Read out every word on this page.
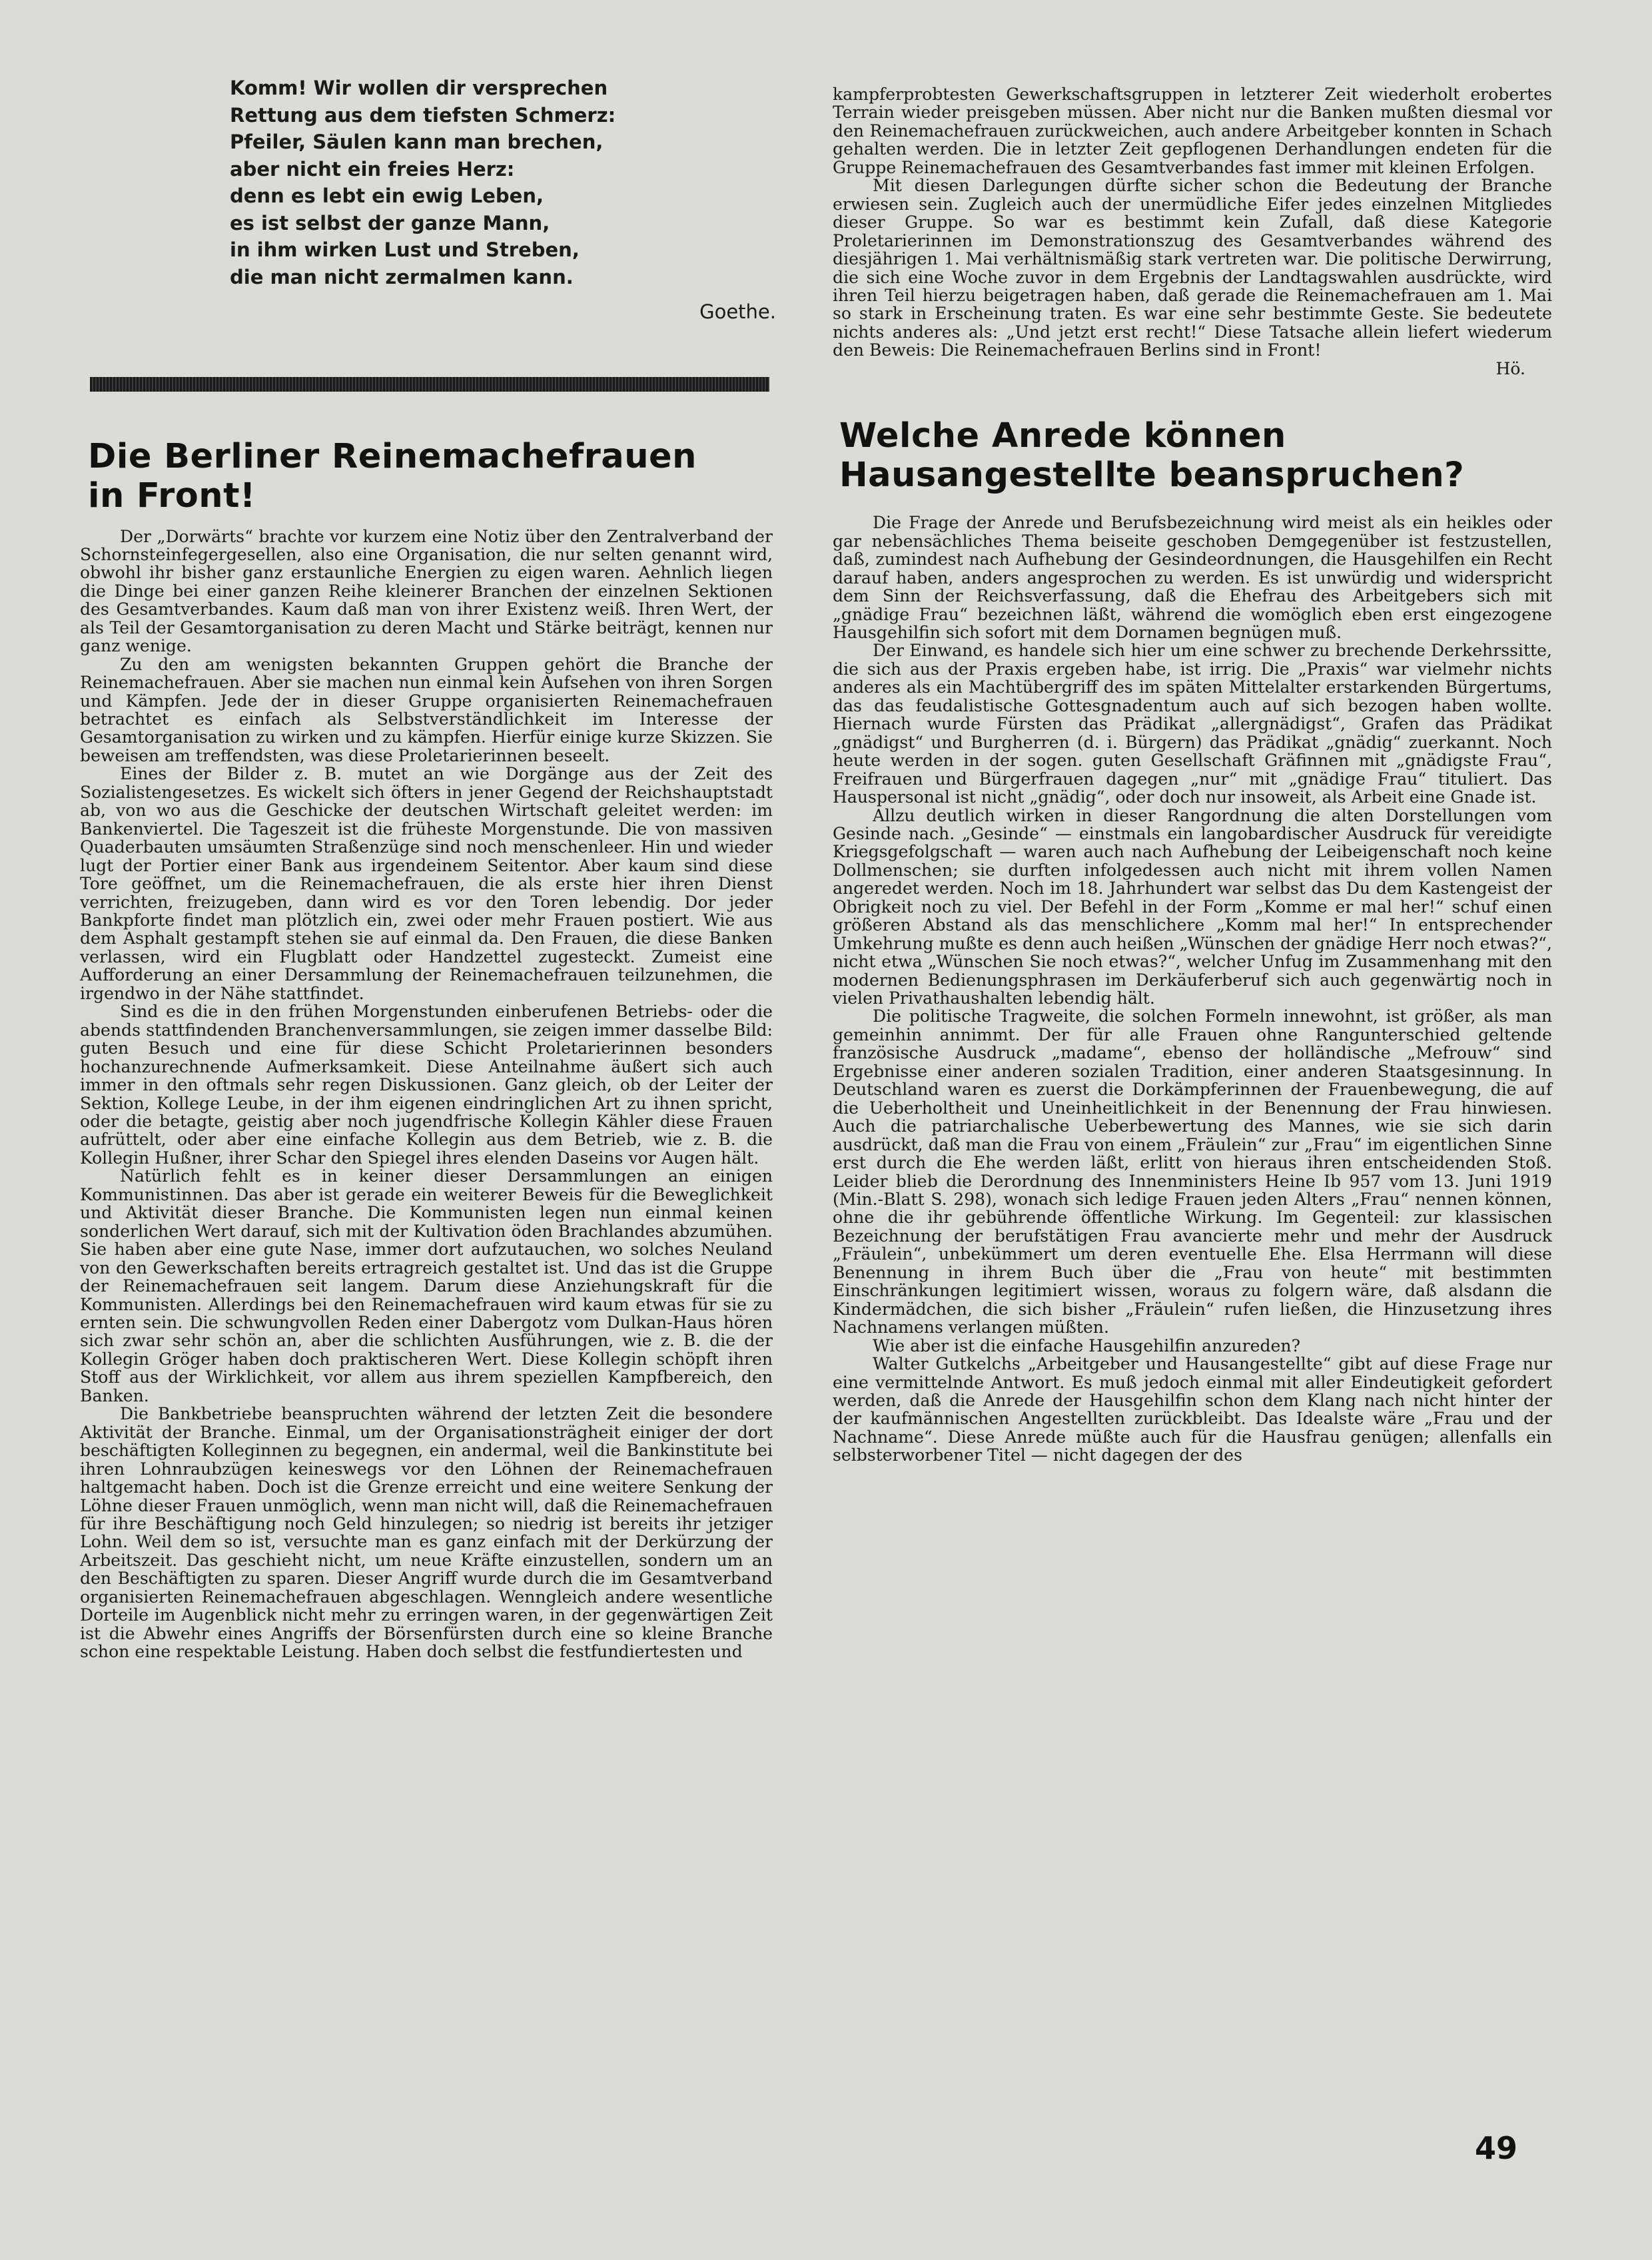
Komm! Wir wollen dir versprechen
Rettung aus dem tiefsten Schmerz:
Pfeiler, Säulen kann man brechen,
aber nicht ein freies Herz:
denn es lebt ein ewig Leben,
es ist selbst der ganze Mann,
in ihm wirken Lust und Streben,
die man nicht zermalmen kann.
Goethe.
Die Berliner Reinemachefrauen
in Front!

Der „Dorwärts“ brachte vor kurzem eine Notiz über den Zentralverband der Schornsteinfegergesellen, also eine Organisation, die nur selten genannt wird, obwohl ihr bisher ganz erstaunliche Energien zu eigen waren. Aehnlich liegen die Dinge bei einer ganzen Reihe kleinerer Branchen der einzelnen Sektionen des Gesamtverbandes. Kaum daß man von ihrer Existenz weiß. Ihren Wert, der als Teil der Gesamtorganisation zu deren Macht und Stärke beiträgt, kennen nur ganz wenige.

Zu den am wenigsten bekannten Gruppen gehört die Branche der Reinemachefrauen. Aber sie machen nun einmal kein Aufsehen von ihren Sorgen und Kämpfen. Jede der in dieser Gruppe organisierten Reinemachefrauen betrachtet es einfach als Selbstverständlichkeit im Interesse der Gesamtorganisation zu wirken und zu kämpfen. Hierfür einige kurze Skizzen. Sie beweisen am treffendsten, was diese Proletarierinnen beseelt.

Eines der Bilder z. B. mutet an wie Dorgänge aus der Zeit des Sozialistengesetzes. Es wickelt sich öfters in jener Gegend der Reichshauptstadt ab, von wo aus die Geschicke der deutschen Wirtschaft geleitet werden: im Bankenviertel. Die Tageszeit ist die früheste Morgenstunde. Die von massiven Quaderbauten umsäumten Straßenzüge sind noch menschenleer. Hin und wieder lugt der Portier einer Bank aus irgendeinem Seitentor. Aber kaum sind diese Tore geöffnet, um die Reinemachefrauen, die als erste hier ihren Dienst verrichten, freizugeben, dann wird es vor den Toren lebendig. Dor jeder Bankpforte findet man plötzlich ein, zwei oder mehr Frauen postiert. Wie aus dem Asphalt gestampft stehen sie auf einmal da. Den Frauen, die diese Banken verlassen, wird ein Flugblatt oder Handzettel zugesteckt. Zumeist eine Aufforderung an einer Dersammlung der Reinemachefrauen teilzunehmen, die irgendwo in der Nähe stattfindet.

Sind es die in den frühen Morgenstunden einberufenen Betriebs- oder die abends stattfindenden Branchenversammlungen, sie zeigen immer dasselbe Bild: guten Besuch und eine für diese Schicht Proletarierinnen besonders hochanzurechnende Aufmerksamkeit. Diese Anteilnahme äußert sich auch immer in den oftmals sehr regen Diskussionen. Ganz gleich, ob der Leiter der Sektion, Kollege Leube, in der ihm eigenen eindringlichen Art zu ihnen spricht, oder die betagte, geistig aber noch jugendfrische Kollegin Kähler diese Frauen aufrüttelt, oder aber eine einfache Kollegin aus dem Betrieb, wie z. B. die Kollegin Hußner, ihrer Schar den Spiegel ihres elenden Daseins vor Augen hält.

Natürlich fehlt es in keiner dieser Dersammlungen an einigen Kommunistinnen. Das aber ist gerade ein weiterer Beweis für die Beweglichkeit und Aktivität dieser Branche. Die Kommunisten legen nun einmal keinen sonderlichen Wert darauf, sich mit der Kultivation öden Brachlandes abzumühen. Sie haben aber eine gute Nase, immer dort aufzutauchen, wo solches Neuland von den Gewerkschaften bereits ertragreich gestaltet ist. Und das ist die Gruppe der Reinemachefrauen seit langem. Darum diese Anziehungskraft für die Kommunisten. Allerdings bei den Reinemachefrauen wird kaum etwas für sie zu ernten sein. Die schwungvollen Reden einer Dabergotz vom Dulkan-Haus hören sich zwar sehr schön an, aber die schlichten Ausführungen, wie z. B. die der Kollegin Gröger haben doch praktischeren Wert. Diese Kollegin schöpft ihren Stoff aus der Wirklichkeit, vor allem aus ihrem speziellen Kampfbereich, den Banken.

Die Bankbetriebe beanspruchten während der letzten Zeit die besondere Aktivität der Branche. Einmal, um der Organisationsträgheit einiger der dort beschäftigten Kolleginnen zu begegnen, ein andermal, weil die Bankinstitute bei ihren Lohnraubzügen keineswegs vor den Löhnen der Reinemachefrauen haltgemacht haben. Doch ist die Grenze erreicht und eine weitere Senkung der Löhne dieser Frauen unmöglich, wenn man nicht will, daß die Reinemachefrauen für ihre Beschäftigung noch Geld hinzulegen; so niedrig ist bereits ihr jetziger Lohn. Weil dem so ist, versuchte man es ganz einfach mit der Derkürzung der Arbeitszeit. Das geschieht nicht, um neue Kräfte einzustellen, sondern um an den Beschäftigten zu sparen. Dieser Angriff wurde durch die im Gesamtverband organisierten Reinemachefrauen abgeschlagen. Wenngleich andere wesentliche Dorteile im Augenblick nicht mehr zu erringen waren, in der gegenwärtigen Zeit ist die Abwehr eines Angriffs der Börsenfürsten durch eine so kleine Branche schon eine respektable Leistung. Haben doch selbst die festfundiertesten und

kampferprobtesten Gewerkschaftsgruppen in letzterer Zeit wiederholt erobertes Terrain wieder preisgeben müssen. Aber nicht nur die Banken mußten diesmal vor den Reinemachefrauen zurückweichen, auch andere Arbeitgeber konnten in Schach gehalten werden. Die in letzter Zeit gepflogenen Derhandlungen endeten für die Gruppe Reinemachefrauen des Gesamtverbandes fast immer mit kleinen Erfolgen.

Mit diesen Darlegungen dürfte sicher schon die Bedeutung der Branche erwiesen sein. Zugleich auch der unermüdliche Eifer jedes einzelnen Mitgliedes dieser Gruppe. So war es bestimmt kein Zufall, daß diese Kategorie Proletarierinnen im Demonstrationszug des Gesamtverbandes während des diesjährigen 1. Mai verhältnismäßig stark vertreten war. Die politische Derwirrung, die sich eine Woche zuvor in dem Ergebnis der Landtagswahlen ausdrückte, wird ihren Teil hierzu beigetragen haben, daß gerade die Reinemachefrauen am 1. Mai so stark in Erscheinung traten. Es war eine sehr bestimmte Geste. Sie bedeutete nichts anderes als: „Und jetzt erst recht!“ Diese Tatsache allein liefert wiederum den Beweis: Die Reinemachefrauen Berlins sind in Front!

Hö.
Welche Anrede können
Hausangestellte beanspruchen?

Die Frage der Anrede und Berufsbezeichnung wird meist als ein heikles oder gar nebensächliches Thema beiseite geschoben Demgegenüber ist festzustellen, daß, zumindest nach Aufhebung der Gesindeordnungen, die Hausgehilfen ein Recht darauf haben, anders angesprochen zu werden. Es ist unwürdig und widerspricht dem Sinn der Reichsverfassung, daß die Ehefrau des Arbeitgebers sich mit „gnädige Frau“ bezeichnen läßt, während die womöglich eben erst eingezogene Hausgehilfin sich sofort mit dem Dornamen begnügen muß.

Der Einwand, es handele sich hier um eine schwer zu brechende Derkehrssitte, die sich aus der Praxis ergeben habe, ist irrig. Die „Praxis“ war vielmehr nichts anderes als ein Machtübergriff des im späten Mittelalter erstarkenden Bürgertums, das das feudalistische Gottesgnadentum auch auf sich bezogen haben wollte. Hiernach wurde Fürsten das Prädikat „allergnädigst“, Grafen das Prädikat „gnädigst“ und Burgherren (d. i. Bürgern) das Prädikat „gnädig“ zuerkannt. Noch heute werden in der sogen. guten Gesellschaft Gräfinnen mit „gnädigste Frau“, Freifrauen und Bürgerfrauen dagegen „nur“ mit „gnädige Frau“ tituliert. Das Hauspersonal ist nicht „gnädig“, oder doch nur insoweit, als Arbeit eine Gnade ist.

Allzu deutlich wirken in dieser Rangordnung die alten Dorstellungen vom Gesinde nach. „Gesinde“ — einstmals ein langobardischer Ausdruck für vereidigte Kriegsgefolgschaft — waren auch nach Aufhebung der Leibeigenschaft noch keine Dollmenschen; sie durften infolgedessen auch nicht mit ihrem vollen Namen angeredet werden. Noch im 18. Jahrhundert war selbst das Du dem Kastengeist der Obrigkeit noch zu viel. Der Befehl in der Form „Komme er mal her!“ schuf einen größeren Abstand als das menschlichere „Komm mal her!“ In entsprechender Umkehrung mußte es denn auch heißen „Wünschen der gnädige Herr noch etwas?“, nicht etwa „Wünschen Sie noch etwas?“, welcher Unfug im Zusammenhang mit den modernen Bedienungsphrasen im Derkäuferberuf sich auch gegenwärtig noch in vielen Privathaushalten lebendig hält.

Die politische Tragweite, die solchen Formeln innewohnt, ist größer, als man gemeinhin annimmt. Der für alle Frauen ohne Rangunterschied geltende französische Ausdruck „madame“, ebenso der holländische „Mefrouw“ sind Ergebnisse einer anderen sozialen Tradition, einer anderen Staatsgesinnung. In Deutschland waren es zuerst die Dorkämpferinnen der Frauenbewegung, die auf die Ueberholtheit und Uneinheitlichkeit in der Benennung der Frau hinwiesen. Auch die patriarchalische Ueberbewertung des Mannes, wie sie sich darin ausdrückt, daß man die Frau von einem „Fräulein“ zur „Frau“ im eigentlichen Sinne erst durch die Ehe werden läßt, erlitt von hieraus ihren entscheidenden Stoß. Leider blieb die Derordnung des Innenministers Heine Ib 957 vom 13. Juni 1919 (Min.-Blatt S. 298), wonach sich ledige Frauen jeden Alters „Frau“ nennen können, ohne die ihr gebührende öffentliche Wirkung. Im Gegenteil: zur klassischen Bezeichnung der berufstätigen Frau avancierte mehr und mehr der Ausdruck „Fräulein“, unbekümmert um deren eventuelle Ehe. Elsa Herrmann will diese Benennung in ihrem Buch über die „Frau von heute“ mit bestimmten Einschränkungen legitimiert wissen, woraus zu folgern wäre, daß alsdann die Kindermädchen, die sich bisher „Fräulein“ rufen ließen, die Hinzusetzung ihres Nachnamens verlangen müßten.

Wie aber ist die einfache Hausgehilfin anzureden?

Walter Gutkelchs „Arbeitgeber und Hausangestellte“ gibt auf diese Frage nur eine vermittelnde Antwort. Es muß jedoch einmal mit aller Eindeutigkeit gefordert werden, daß die Anrede der Hausgehilfin schon dem Klang nach nicht hinter der der kaufmännischen Angestellten zurückbleibt. Das Idealste wäre „Frau und der Nachname“. Diese Anrede müßte auch für die Hausfrau genügen; allenfalls ein selbsterworbener Titel — nicht dagegen der des

49
